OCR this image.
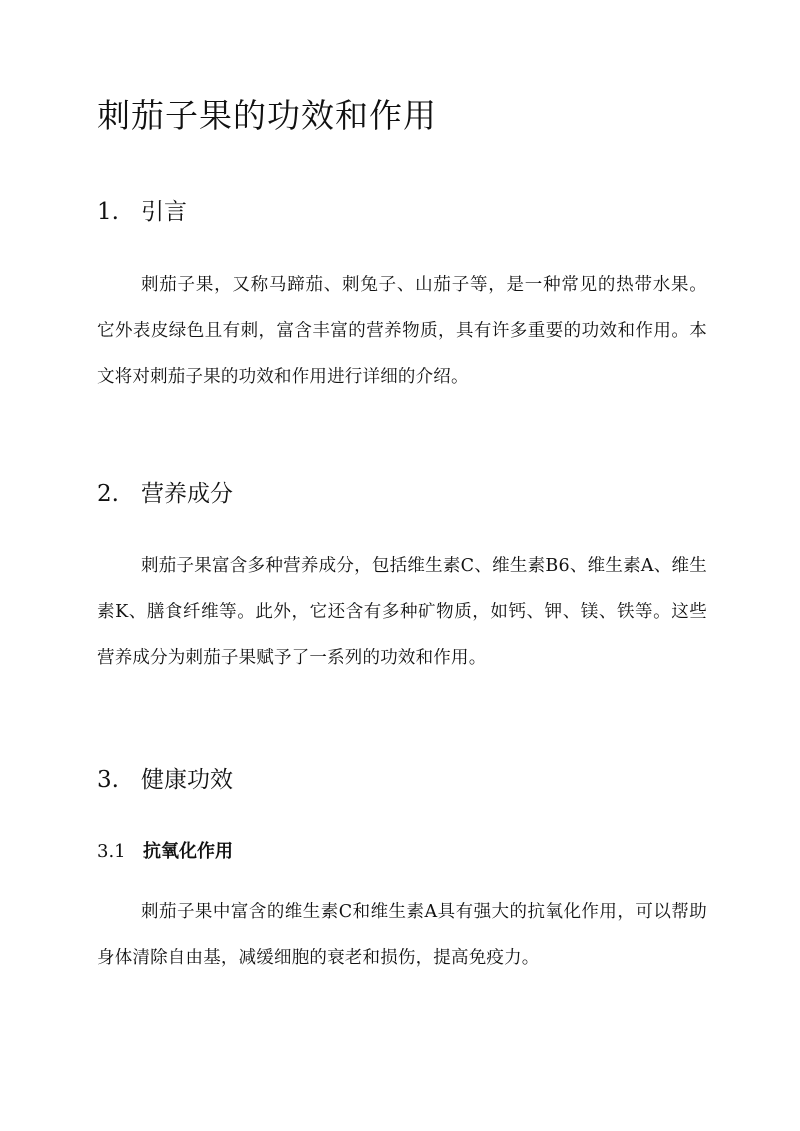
刺茄子果的功效和作用
1. 引言
刺茄子果，又称马蹄茄、刺兔子、山茄子等，是一种常见的热带水果。它外表皮绿色且有刺，富含丰富的营养物质，具有许多重要的功效和作用。本文将对刺茄子果的功效和作用进行详细的介绍。
2. 营养成分
刺茄子果富含多种营养成分，包括维生素C、维生素B6、维生素A、维生素K、膳食纤维等。此外，它还含有多种矿物质，如钙、钾、镁、铁等。这些营养成分为刺茄子果赋予了一系列的功效和作用。
3. 健康功效
3.1 抗氧化作用
刺茄子果中富含的维生素C和维生素A具有强大的抗氧化作用，可以帮助身体清除自由基，减缓细胞的衰老和损伤，提高免疫力。
